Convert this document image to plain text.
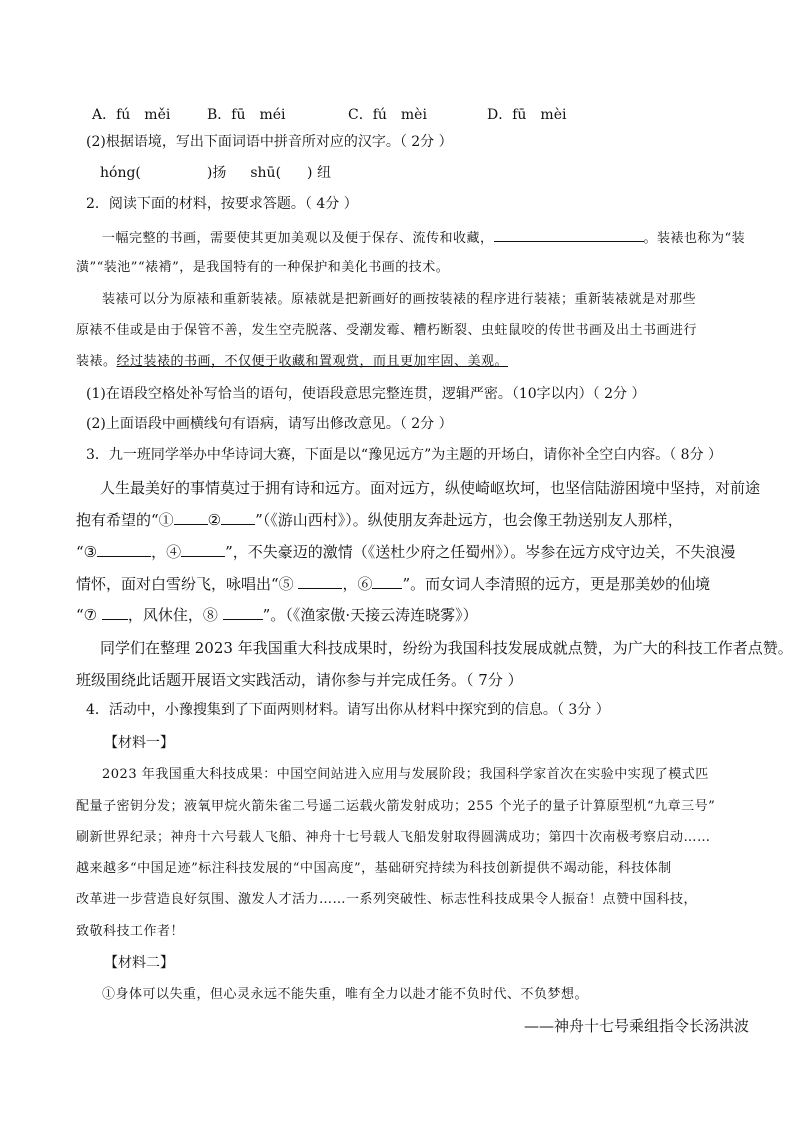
A．fú　měi	B．fū　méi	C．fú　mèi	D．fū　mèi
(2)根据语境，写出下面词语中拼音所对应的汉字。（ 2分 ）
hóng(	)扬 shū( ) 纽
2．阅读下面的材料，按要求答题。（ 4分 ）
一幅完整的书画，需要使其更加美观以及便于保存、流传和收藏，	。装裱也称为“装
潢”“装池”“裱褙”，是我国特有的一种保护和美化书画的技术。
装裱可以分为原裱和重新装裱。原裱就是把新画好的画按装裱的程序进行装裱；重新装裱就是对那些
原裱不佳或是由于保管不善，发生空壳脱落、受潮发霉、糟朽断裂、虫蛀鼠咬的传世书画及出土书画进行
装裱。经过装裱的书画，不仅便于收藏和置观赏，而且更加牢固、美观。
(1)在语段空格处补写恰当的语句，使语段意思完整连贯，逻辑严密。（10字以内）（ 2分 ）
(2)上面语段中画横线句有语病，请写出修改意见。（ 2分 ）
3．九一班同学举办中华诗词大赛，下面是以“豫见远方”为主题的开场白，请你补全空白内容。（ 8分 ）
人生最美好的事情莫过于拥有诗和远方。面对远方，纵使崎岖坎坷，也坚信陆游困境中坚持，对前途
抱有希望的“① ② ”（《游山西村》）。纵使朋友奔赴远方，也会像王勃送别友人那样，
“③	，④	”，不失豪迈的激情（《送杜少府之任蜀州》）。岑参在远方戍守边关，不失浪漫
情怀，面对白雪纷飞，咏唱出“⑤	，⑥ ”。而女词人李清照的远方，更是那美妙的仙境
“⑦ ，风休住，⑧	”。（《渔家傲·天接云涛连晓雾》）
同学们在整理 2023 年我国重大科技成果时，纷纷为我国科技发展成就点赞，为广大的科技工作者点赞。
班级围绕此话题开展语文实践活动，请你参与并完成任务。（ 7分 ）
4．活动中，小豫搜集到了下面两则材料。请写出你从材料中探究到的信息。（ 3分 ）
【材料一】
2023 年我国重大科技成果：中国空间站进入应用与发展阶段；我国科学家首次在实验中实现了模式匹
配量子密钥分发；液氧甲烷火箭朱雀二号遥二运载火箭发射成功；255 个光子的量子计算原型机“九章三号”
刷新世界纪录；神舟十六号载人飞船、神舟十七号载人飞船发射取得圆满成功；第四十次南极考察启动……
越来越多“中国足迹”标注科技发展的“中国高度”，基础研究持续为科技创新提供不竭动能，科技体制
改革进一步营造良好氛围、激发人才活力……一系列突破性、标志性科技成果令人振奋！点赞中国科技，
致敬科技工作者！
【材料二】
①身体可以失重，但心灵永远不能失重，唯有全力以赴才能不负时代、不负梦想。
——神舟十七号乘组指令长汤洪波
